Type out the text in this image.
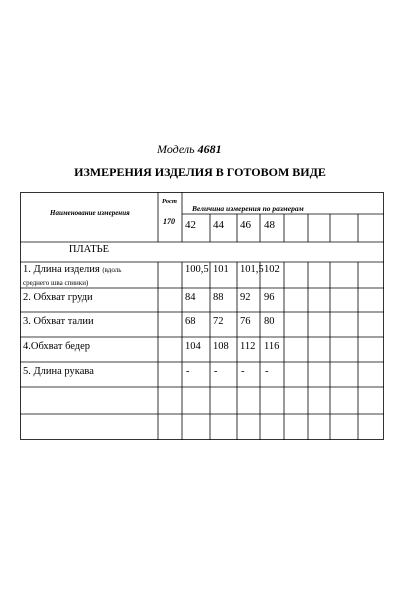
Модель 4681
ИЗМЕРЕНИЯ ИЗДЕЛИЯ В ГОТОВОМ ВИДЕ
Наименование измерения
Рост
170
Величина измерения по размерам
42 44 46 48
ПЛАТЬЕ
1. Длина изделия (вдоль
среднего шва спинки)
100,5 101 101,5 102
2. Обхват груди	84 88 92 96
3. Обхват талии	68 72 76 80
4.Обхват бедер	104 108 112 116
5. Длина рукава	- - - -
